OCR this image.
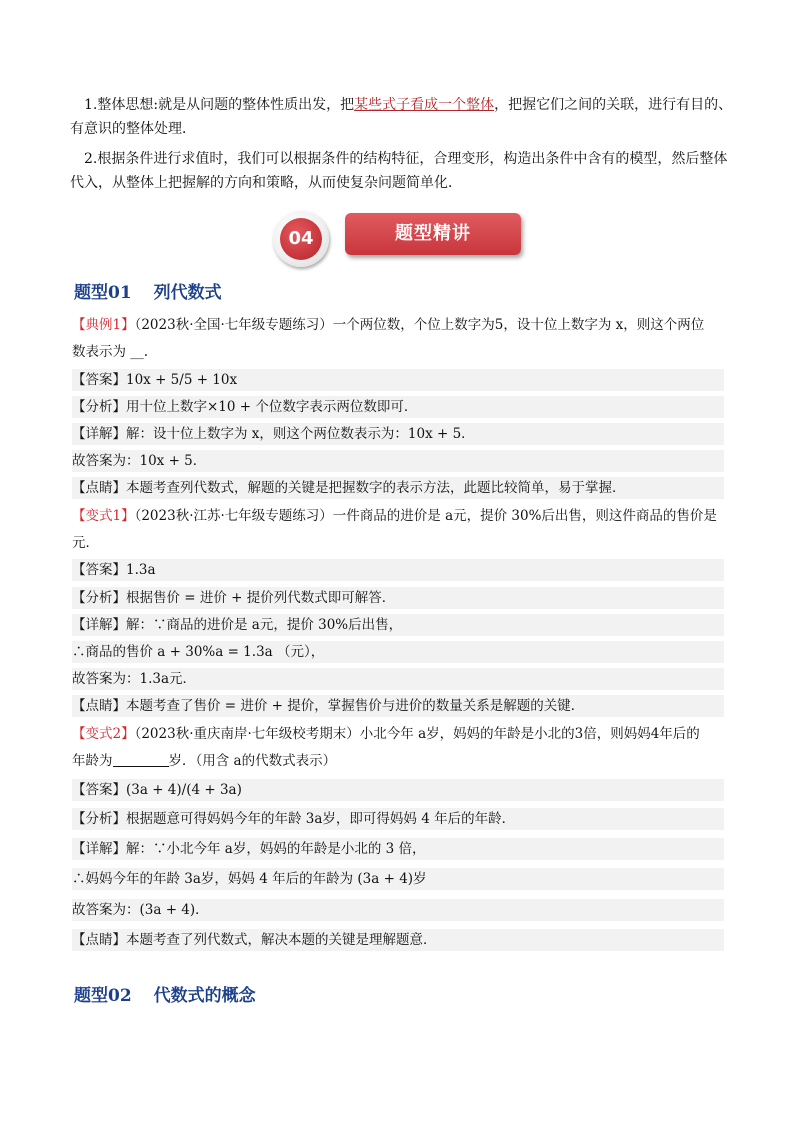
1.整体思想:就是从问题的整体性质出发，把某些式子看成一个整体，把握它们之间的关联，进行有目的、

有意识的整体处理．

2.根据条件进行求值时，我们可以根据条件的结构特征，合理变形，构造出条件中含有的模型，然后整体

代入，从整体上把握解的方向和策略，从而使复杂问题简单化．

04	题型精讲
题型01 列代数式
【典例1】（2023秋·全国·七年级专题练习）一个两位数，个位上数字为5，设十位上数字为 x，则这个两位
数表示为 __.
【答案】10x + 5/5 + 10x
【分析】用十位上数字×10 + 个位数字表示两位数即可．
【详解】解：设十位上数字为 x，则这个两位数表示为：10x + 5．
故答案为：10x + 5．
【点睛】本题考查列代数式，解题的关键是把握数字的表示方法，此题比较简单，易于掌握．
【变式1】（2023秋·江苏·七年级专题练习）一件商品的进价是 a元，提价 30%后出售，则这件商品的售价是
元．
【答案】1.3a
【分析】根据售价 = 进价 + 提价列代数式即可解答．
【详解】解：∵商品的进价是 a元，提价 30%后出售，
∴商品的售价 a + 30%a = 1.3a （元），
故答案为：1.3a元．
【点睛】本题考查了售价 = 进价 + 提价，掌握售价与进价的数量关系是解题的关键．
【变式2】（2023秋·重庆南岸·七年级校考期末）小北今年 a岁，妈妈的年龄是小北的3倍，则妈妈4年后的
年龄为	岁．（用含 a的代数式表示）
【答案】(3a + 4)/(4 + 3a)
【分析】根据题意可得妈妈今年的年龄 3a岁，即可得妈妈 4 年后的年龄．
【详解】解：∵小北今年 a岁，妈妈的年龄是小北的 3 倍，
∴妈妈今年的年龄 3a岁，妈妈 4 年后的年龄为 (3a + 4)岁
故答案为：(3a + 4)．
【点睛】本题考查了列代数式，解决本题的关键是理解题意．
题型02 代数式的概念
